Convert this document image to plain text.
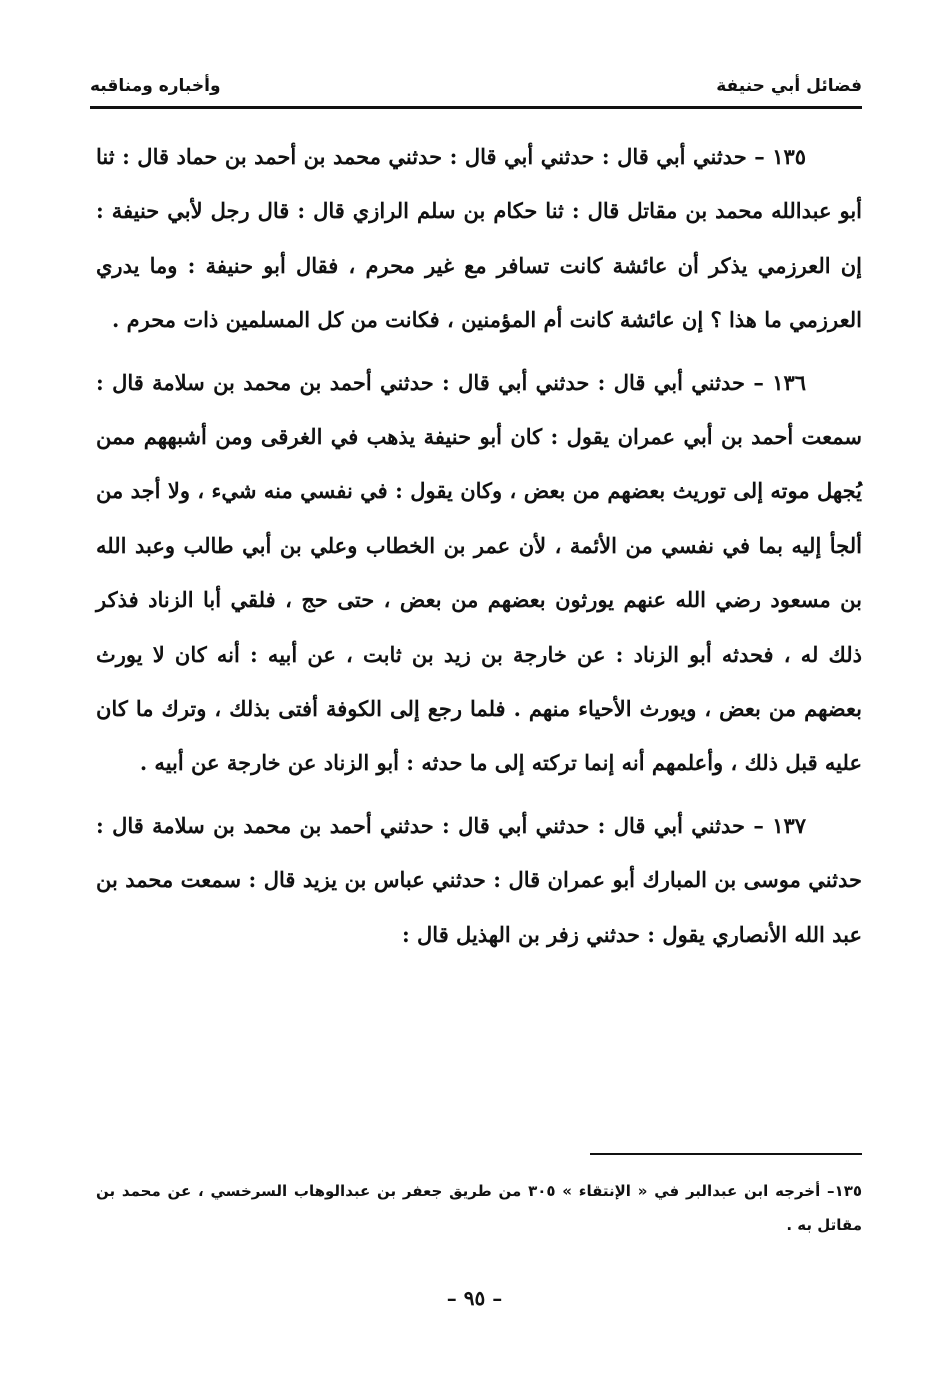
فضائل أبي حنيفة
وأخباره ومناقبه

١٣٥ – حدثني أبي قال : حدثني أبي قال : حدثني محمد بن أحمد بن حماد قال : ثنا أبو عبدالله محمد بن مقاتل قال : ثنا حكام بن سلم الرازي قال : قال رجل لأبي حنيفة : إن العرزمي يذكر أن عائشة كانت تسافر مع غير محرم ، فقال أبو حنيفة : وما يدري العرزمي ما هذا ؟ إن عائشة كانت أم المؤمنين ، فكانت من كل المسلمين ذات محرم .

١٣٦ – حدثني أبي قال : حدثني أبي قال : حدثني أحمد بن محمد بن سلامة قال : سمعت أحمد بن أبي عمران يقول : كان أبو حنيفة يذهب في الغرقى ومن أشبههم ممن يُجهل موته إلى توريث بعضهم من بعض ، وكان يقول : في نفسي منه شيء ، ولا أجد من ألجأ إليه بما في نفسي من الأئمة ، لأن عمر بن الخطاب وعلي بن أبي طالب وعبد الله بن مسعود رضي الله عنهم يورثون بعضهم من بعض ، حتى حج ، فلقي أبا الزناد فذكر ذلك له ، فحدثه أبو الزناد : عن خارجة بن زيد بن ثابت ، عن أبيه : أنه كان لا يورث بعضهم من بعض ، ويورث الأحياء منهم . فلما رجع إلى الكوفة أفتى بذلك ، وترك ما كان عليه قبل ذلك ، وأعلمهم أنه إنما تركته إلى ما حدثه : أبو الزناد عن خارجة عن أبيه .

١٣٧ – حدثني أبي قال : حدثني أبي قال : حدثني أحمد بن محمد بن سلامة قال : حدثني موسى بن المبارك أبو عمران قال : حدثني عباس بن يزيد قال : سمعت محمد بن عبد الله الأنصاري يقول : حدثني زفر بن الهذيل قال :

١٣٥– أخرجه ابن عبدالبر في « الإنتقاء » ٣٠٥ من طريق جعفر بن عبدالوهاب السرخسي ، عن محمد بن مقاتل به .
– ٩٥ –
